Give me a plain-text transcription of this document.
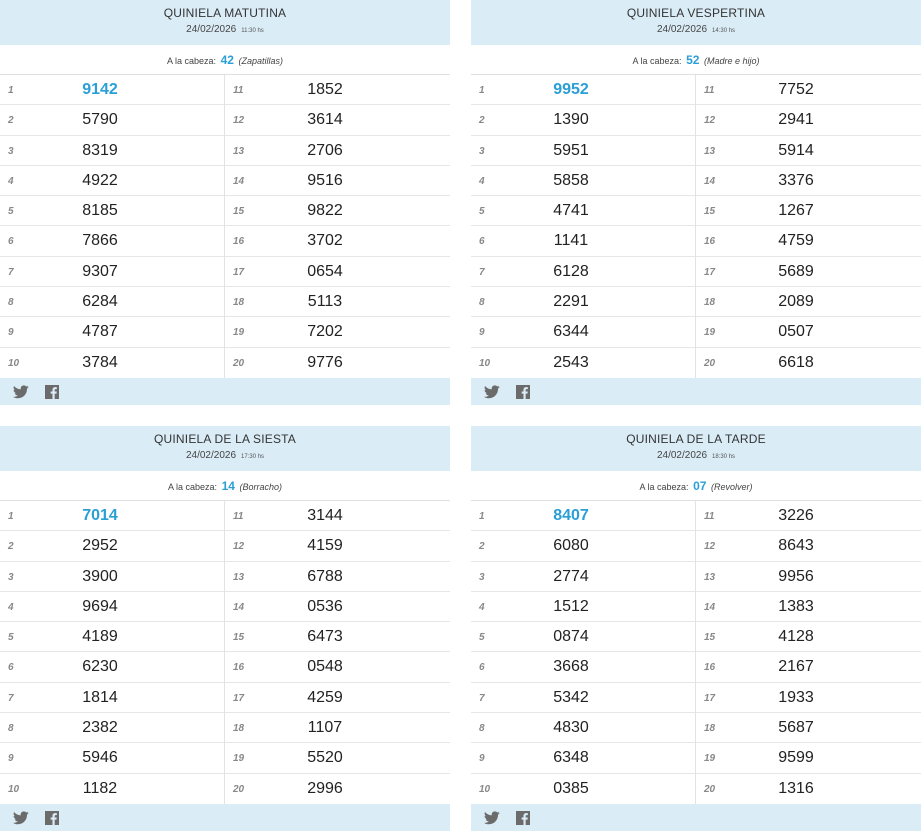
QUINIELA MATUTINA
24/02/2026 11:30 hs
A la cabeza: 42 (Zapatillas)
1	9142
2	5790
3	8319
4	4922
5	8185
6	7866
7	9307
8	6284
9	4787
10	3784
11	1852
12	3614
13	2706
14	9516
15	9822
16	3702
17	0654
18	5113
19	7202
20	9776
QUINIELA VESPERTINA
24/02/2026 14:30 hs
A la cabeza: 52 (Madre e hijo)
1	9952
2	1390
3	5951
4	5858
5	4741
6	1141
7	6128
8	2291
9	6344
10	2543
11	7752
12	2941
13	5914
14	3376
15	1267
16	4759
17	5689
18	2089
19	0507
20	6618
QUINIELA DE LA SIESTA
24/02/2026 17:30 hs
A la cabeza: 14 (Borracho)
1	7014
2	2952
3	3900
4	9694
5	4189
6	6230
7	1814
8	2382
9	5946
10	1182
11	3144
12	4159
13	6788
14	0536
15	6473
16	0548
17	4259
18	1107
19	5520
20	2996
QUINIELA DE LA TARDE
24/02/2026 18:30 hs
A la cabeza: 07 (Revolver)
1	8407
2	6080
3	2774
4	1512
5	0874
6	3668
7	5342
8	4830
9	6348
10	0385
11	3226
12	8643
13	9956
14	1383
15	4128
16	2167
17	1933
18	5687
19	9599
20	1316
